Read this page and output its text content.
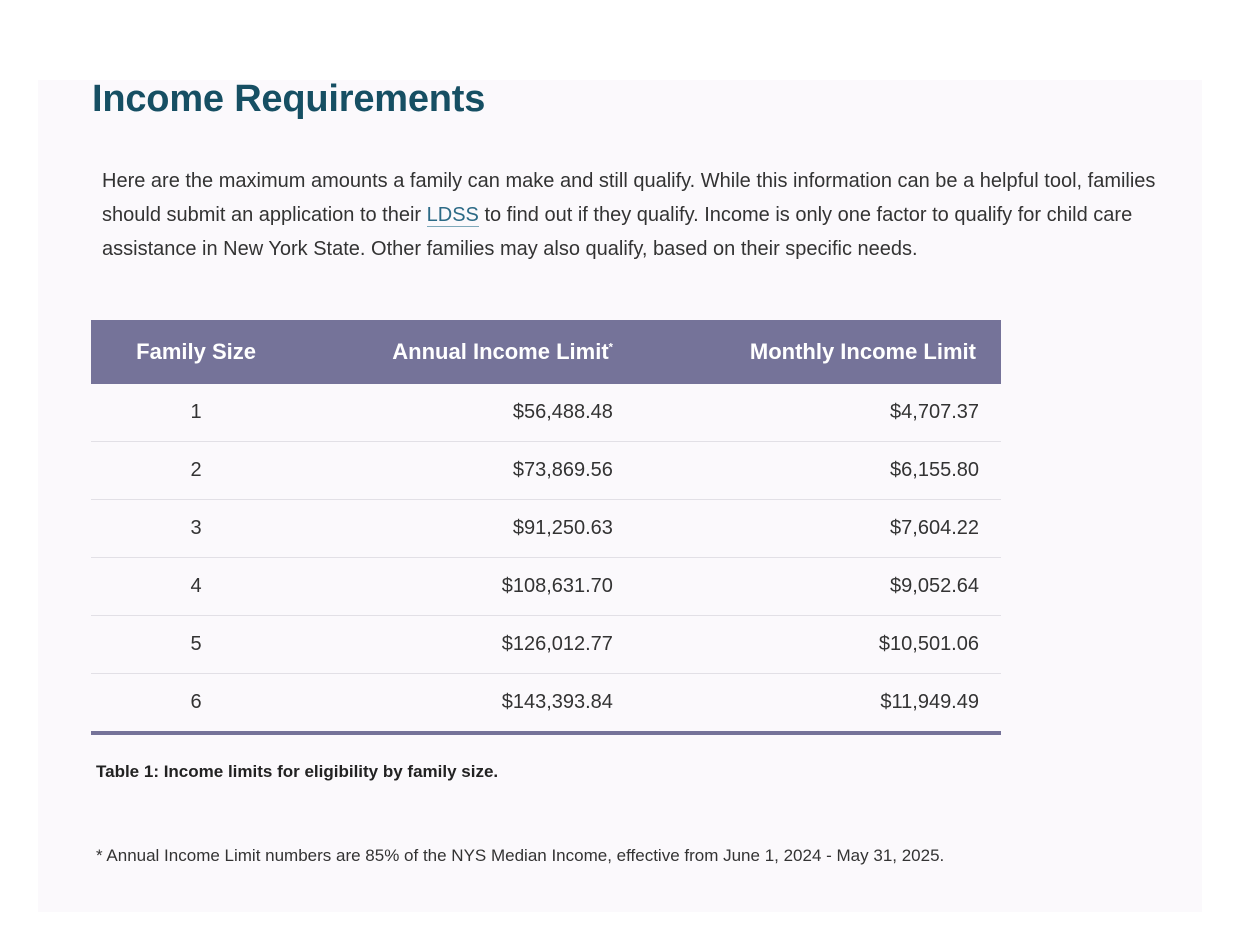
Income Requirements

Here are the maximum amounts a family can make and still qualify. While this information can be a helpful tool, families should submit an application to their LDSS to find out if they qualify. Income is only one factor to qualify for child care assistance in New York State. Other families may also qualify, based on their specific needs.

Family Size	Annual Income Limit*	Monthly Income Limit
1	$56,488.48	$4,707.37
2	$73,869.56	$6,155.80
3	$91,250.63	$7,604.22
4	$108,631.70	$9,052.64
5	$126,012.77	$10,501.06
6	$143,393.84	$11,949.49

Table 1: Income limits for eligibility by family size.

* Annual Income Limit numbers are 85% of the NYS Median Income, effective from June 1, 2024 - May 31, 2025.
